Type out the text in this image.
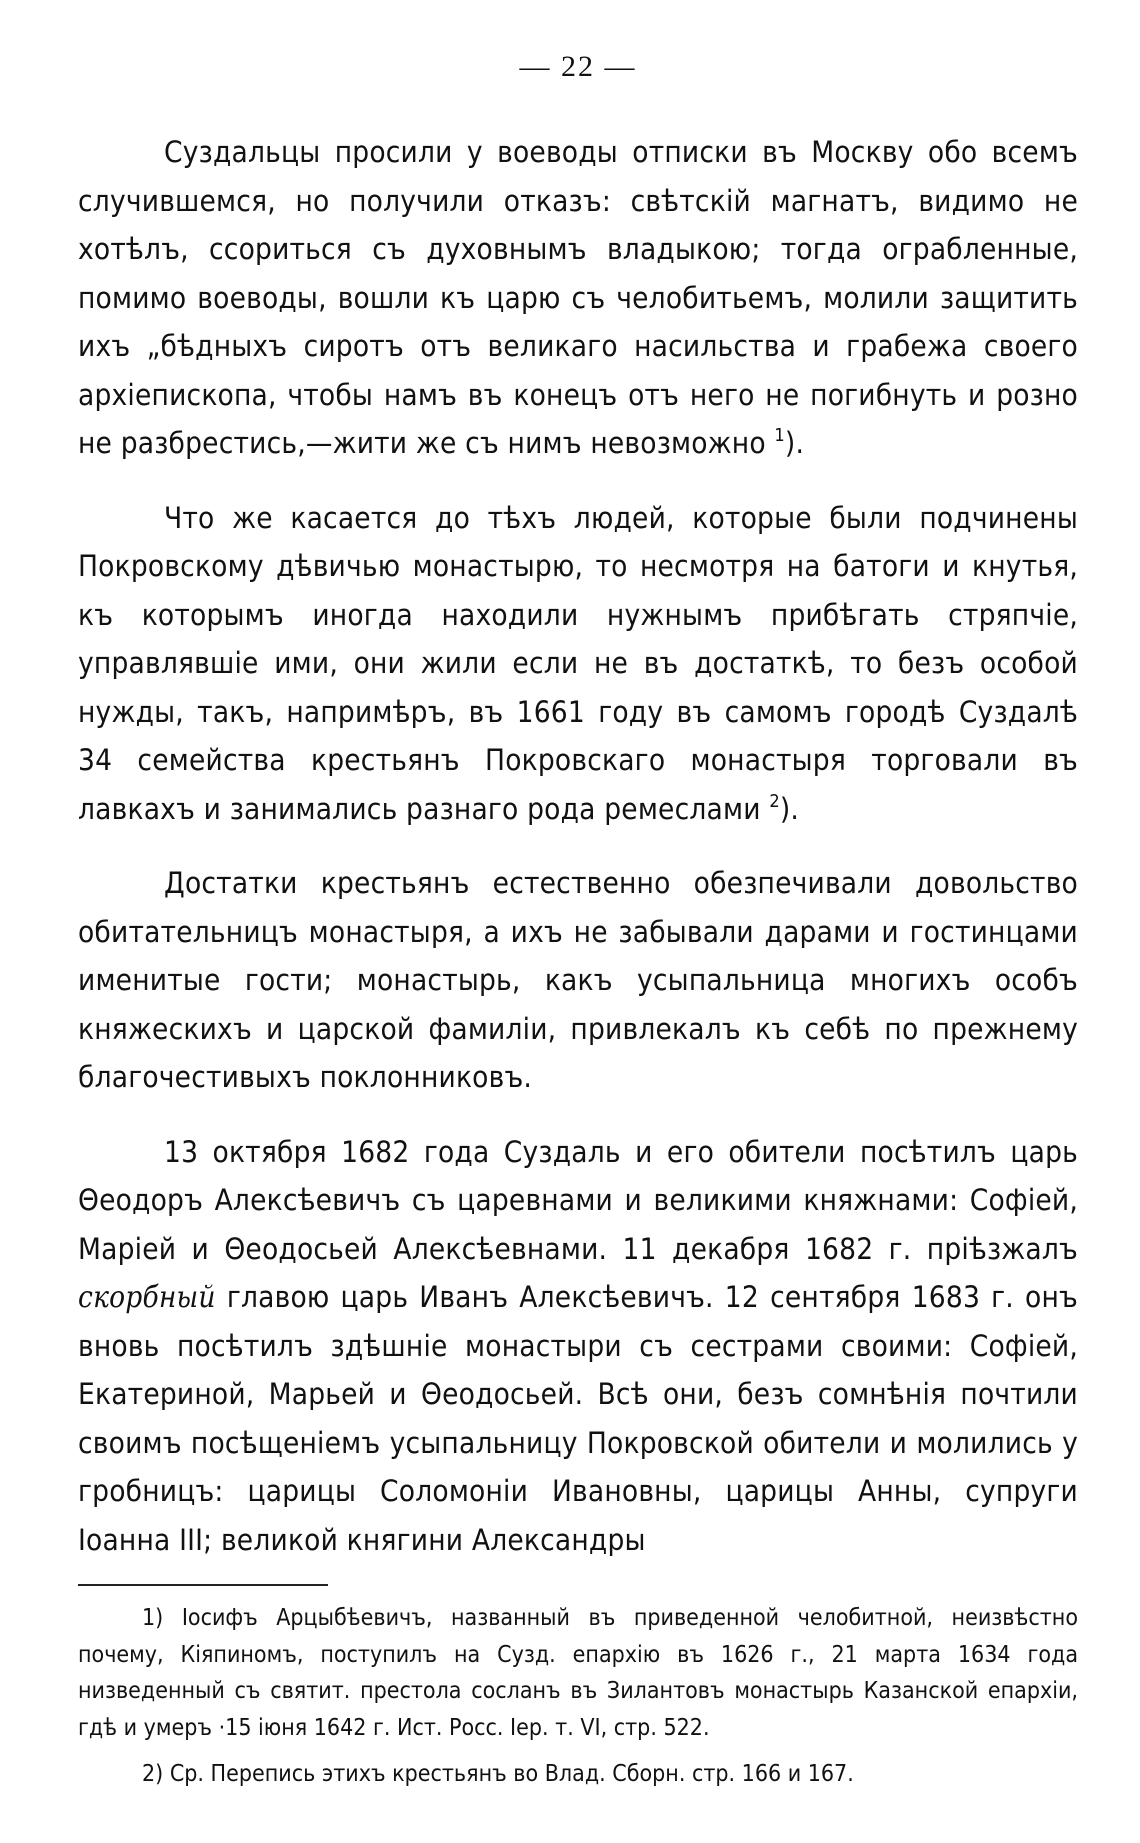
— 22 —

Суздальцы просили у воеводы отписки въ Москву обо всемъ случившемся, но получили отказъ: свѣтскій магнатъ, видимо не хотѣлъ, ссориться съ духовнымъ владыкою; тогда ограбленные, помимо воеводы, вошли къ царю съ челобитьемъ, молили защитить ихъ „бѣдныхъ сиротъ отъ великаго насильства и грабежа своего архіепископа, чтобы намъ въ конецъ отъ него не погибнуть и розно не разбрестись,—жити же съ нимъ невозможно $^1$).

Что же касается до тѣхъ людей, которые были подчинены Покровскому дѣвичью монастырю, то несмотря на батоги и кнутья, къ которымъ иногда находили нужнымъ прибѣгать стряпчіе, управлявшіе ими, они жили если не въ достаткѣ, то безъ особой нужды, такъ, напримѣръ, въ 1661 году въ самомъ городѣ Суздалѣ 34 семейства крестьянъ Покровскаго монастыря торговали въ лавкахъ и занимались разнаго рода ремеслами $^2$).

Достатки крестьянъ естественно обезпечивали довольство обитательницъ монастыря, а ихъ не забывали дарами и гостинцами именитые гости; монастырь, какъ усыпальница многихъ особъ княжескихъ и царской фамиліи, привлекалъ къ себѣ по прежнему благочестивыхъ поклонниковъ.

13 октября 1682 года Суздаль и его обители посѣтилъ царь Θеодоръ Алексѣевичъ съ царевнами и великими княжнами: Софіей, Маріей и Θеодосьей Алексѣевнами. 11 декабря 1682 г. пріѣзжалъ скорбный главою царь Иванъ Алексѣевичъ. 12 сентября 1683 г. онъ вновь посѣтилъ здѣшніе монастыри съ сестрами своими: Софіей, Екатериной, Марьей и Θеодосьей. Всѣ они, безъ сомнѣнія почтили своимъ посѣщеніемъ усыпальницу Покровской обители и молились у гробницъ: царицы Соломоніи Ивановны, царицы Анны, супруги Іоанна III; великой княгини Александры

1) Іосифъ Арцыбѣевичъ, названный въ приведенной челобитной, неизвѣстно почему, Кіяпиномъ, поступилъ на Сузд. епархію въ 1626 г., 21 марта 1634 года низведенный съ святит. престола сосланъ въ Зилантовъ монастырь Казанской епархіи, гдѣ и умеръ ·15 іюня 1642 г. Ист. Росс. Іер. т. VI, стр. 522.

2) Ср. Перепись этихъ крестьянъ во Влад. Сборн. стр. 166 и 167.
